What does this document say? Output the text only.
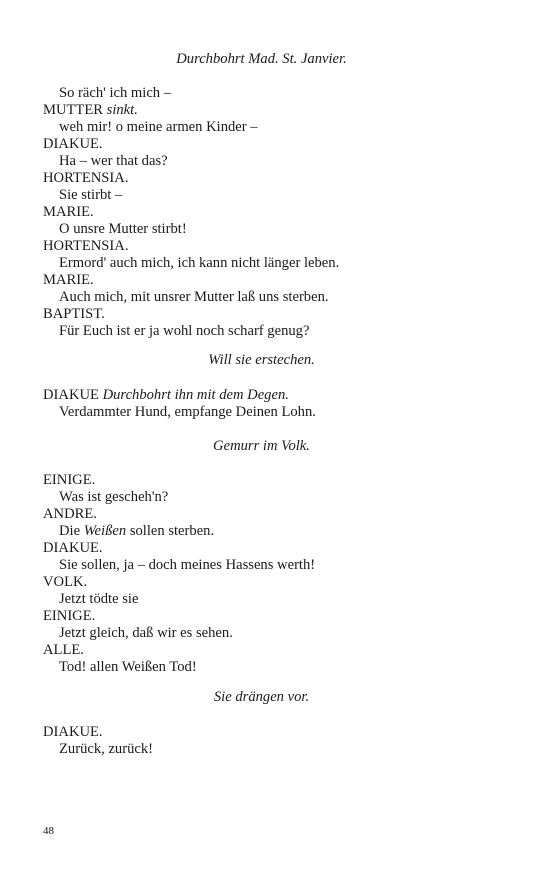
Durchbohrt Mad. St. Janvier.
So räch' ich mich –
MUTTER sinkt.
weh mir! o meine armen Kinder –
DIAKUE.
Ha – wer that das?
HORTENSIA.
Sie stirbt –
MARIE.
O unsre Mutter stirbt!
HORTENSIA.
Ermord' auch mich, ich kann nicht länger leben.
MARIE.
Auch mich, mit unsrer Mutter laß uns sterben.
BAPTIST.
Für Euch ist er ja wohl noch scharf genug?
Will sie erstechen.
DIAKUE Durchbohrt ihn mit dem Degen.
Verdammter Hund, empfange Deinen Lohn.
Gemurr im Volk.
EINIGE.
Was ist gescheh'n?
ANDRE.
Die Weißen sollen sterben.
DIAKUE.
Sie sollen, ja – doch meines Hassens werth!
VOLK.
Jetzt tödte sie
EINIGE.
Jetzt gleich, daß wir es sehen.
ALLE.
Tod! allen Weißen Tod!
Sie drängen vor.
DIAKUE.
Zurück, zurück!
48
